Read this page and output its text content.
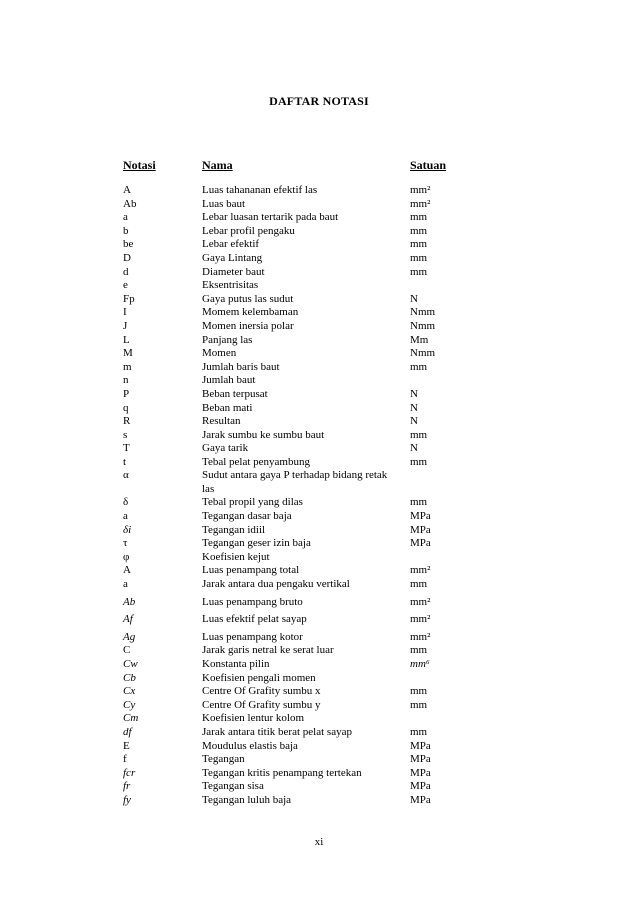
DAFTAR NOTASI
Notasi	Nama	Satuan
A	Luas tahananan efektif las	mm²
Ab	Luas baut	mm²
a	Lebar luasan tertarik pada baut	mm
b	Lebar profil pengaku	mm
be	Lebar efektif	mm
D	Gaya Lintang	mm
d	Diameter baut	mm
e	Eksentrisitas
Fp	Gaya putus las sudut	N
I	Momem kelembaman	Nmm
J	Momen inersia polar	Nmm
L	Panjang las	Mm
M	Momen	Nmm
m	Jumlah baris baut	mm
n	Jumlah baut
P	Beban terpusat	N
q	Beban mati	N
R	Resultan	N
s	Jarak sumbu ke sumbu baut	mm
T	Gaya tarik	N
t	Tebal pelat penyambung	mm
α	Sudut antara gaya P terhadap bidang retak las
δ	Tebal propil yang dilas	mm
a	Tegangan dasar baja	MPa
δi	Tegangan idiil	MPa
τ	Tegangan geser izin baja	MPa
φ	Koefisien kejut
A	Luas penampang total	mm²
a	Jarak antara dua pengaku vertikal	mm
Ab	Luas penampang bruto	mm²
Af	Luas efektif pelat sayap	mm²
Ag	Luas penampang kotor	mm²
C	Jarak garis netral ke serat luar	mm
Cw	Konstanta pilin	mm⁶
Cb	Koefisien pengali momen
Cx	Centre Of Grafity sumbu x	mm
Cy	Centre Of Grafity sumbu y	mm
Cm	Koefisien lentur kolom
df	Jarak antara titik berat pelat sayap	mm
E	Moudulus elastis baja	MPa
f	Tegangan	MPa
fcr	Tegangan kritis penampang tertekan	MPa
fr	Tegangan sisa	MPa
fy	Tegangan luluh baja	MPa
xi
